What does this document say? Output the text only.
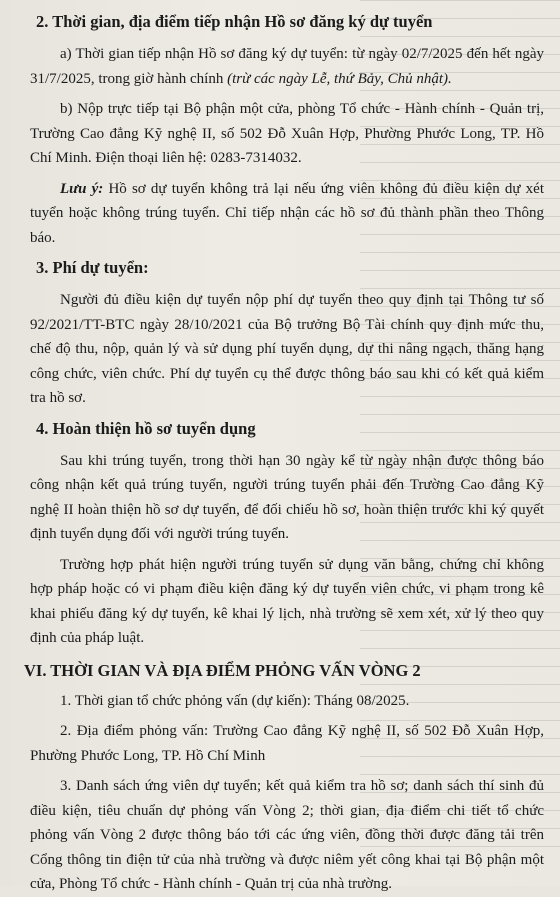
2. Thời gian, địa điểm tiếp nhận Hồ sơ đăng ký dự tuyển

a) Thời gian tiếp nhận Hồ sơ đăng ký dự tuyển: từ ngày 02/7/2025 đến hết ngày 31/7/2025, trong giờ hành chính (trừ các ngày Lễ, thứ Bảy, Chủ nhật).

b) Nộp trực tiếp tại Bộ phận một cửa, phòng Tổ chức - Hành chính - Quản trị, Trường Cao đẳng Kỹ nghệ II, số 502 Đỗ Xuân Hợp, Phường Phước Long, TP. Hồ Chí Minh. Điện thoại liên hệ: 0283-7314032.

Lưu ý: Hồ sơ dự tuyển không trả lại nếu ứng viên không đủ điều kiện dự xét tuyển hoặc không trúng tuyển. Chỉ tiếp nhận các hồ sơ đủ thành phần theo Thông báo.

3. Phí dự tuyển:

Người đủ điều kiện dự tuyển nộp phí dự tuyển theo quy định tại Thông tư số 92/2021/TT-BTC ngày 28/10/2021 của Bộ trưởng Bộ Tài chính quy định mức thu, chế độ thu, nộp, quản lý và sử dụng phí tuyển dụng, dự thi nâng ngạch, thăng hạng công chức, viên chức. Phí dự tuyển cụ thể được thông báo sau khi có kết quả kiểm tra hồ sơ.

4. Hoàn thiện hồ sơ tuyển dụng

Sau khi trúng tuyển, trong thời hạn 30 ngày kể từ ngày nhận được thông báo công nhận kết quả trúng tuyển, người trúng tuyển phải đến Trường Cao đẳng Kỹ nghệ II hoàn thiện hồ sơ dự tuyển, để đối chiếu hồ sơ, hoàn thiện trước khi ký quyết định tuyển dụng đối với người trúng tuyển.

Trường hợp phát hiện người trúng tuyển sử dụng văn bằng, chứng chỉ không hợp pháp hoặc có vi phạm điều kiện đăng ký dự tuyển viên chức, vi phạm trong kê khai phiếu đăng ký dự tuyển, kê khai lý lịch, nhà trường sẽ xem xét, xử lý theo quy định của pháp luật.

VI. THỜI GIAN VÀ ĐỊA ĐIỂM PHỎNG VẤN VÒNG 2

1. Thời gian tổ chức phỏng vấn (dự kiến): Tháng 08/2025.

2. Địa điểm phỏng vấn: Trường Cao đẳng Kỹ nghệ II, số 502 Đỗ Xuân Hợp, Phường Phước Long, TP. Hồ Chí Minh

3. Danh sách ứng viên dự tuyển; kết quả kiểm tra hồ sơ; danh sách thí sinh đủ điều kiện, tiêu chuẩn dự phỏng vấn Vòng 2; thời gian, địa điểm chi tiết tổ chức phỏng vấn Vòng 2 được thông báo tới các ứng viên, đồng thời được đăng tải trên Cổng thông tin điện tử của nhà trường và được niêm yết công khai tại Bộ phận một cửa, Phòng Tổ chức - Hành chính - Quản trị của nhà trường.
